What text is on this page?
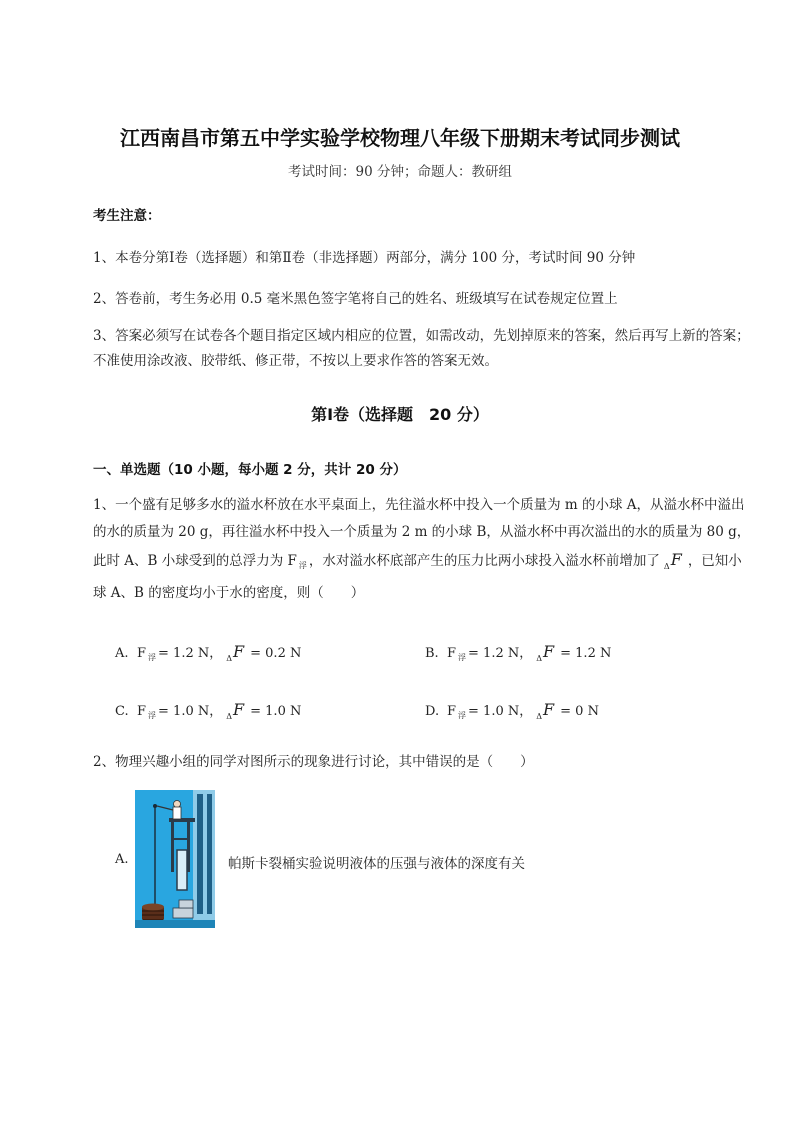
江西南昌市第五中学实验学校物理八年级下册期末考试同步测试
考试时间：90 分钟；命题人：教研组
考生注意：
1、本卷分第Ⅰ卷（选择题）和第Ⅱ卷（非选择题）两部分，满分 100 分，考试时间 90 分钟
2、答卷前，考生务必用 0.5 毫米黑色签字笔将自己的姓名、班级填写在试卷规定位置上
3、答案必须写在试卷各个题目指定区域内相应的位置，如需改动，先划掉原来的答案，然后再写上新的答案；不准使用涂改液、胶带纸、修正带，不按以上要求作答的答案无效。
第Ⅰ卷（选择题　20 分）
一、单选题（10 小题，每小题 2 分，共计 20 分）
1、一个盛有足够多水的溢水杯放在水平桌面上，先往溢水杯中投入一个质量为 m 的小球 A，从溢水杯中溢出的水的质量为 20 g，再往溢水杯中投入一个质量为 2 m 的小球 B，从溢水杯中再次溢出的水的质量为 80 g，此时 A、B 小球受到的总浮力为 F $_浮$ ，水对溢水杯底部产生的压力比两小球投入溢水杯前增加了 $_\Delta$F ，已知小球 A、B 的密度均小于水的密度，则（　　）
A. F $_浮$ = 1.2 N， $_\Delta$F = 0.2 N	B. F $_浮$ = 1.2 N， $_\Delta$F = 1.2 N
C. F $_浮$ = 1.0 N， $_\Delta$F = 1.0 N	D. F $_浮$ = 1.0 N， $_\Delta$F = 0 N
2、物理兴趣小组的同学对图所示的现象进行讨论，其中错误的是（　　）
A.	帕斯卡裂桶实验说明液体的压强与液体的深度有关
